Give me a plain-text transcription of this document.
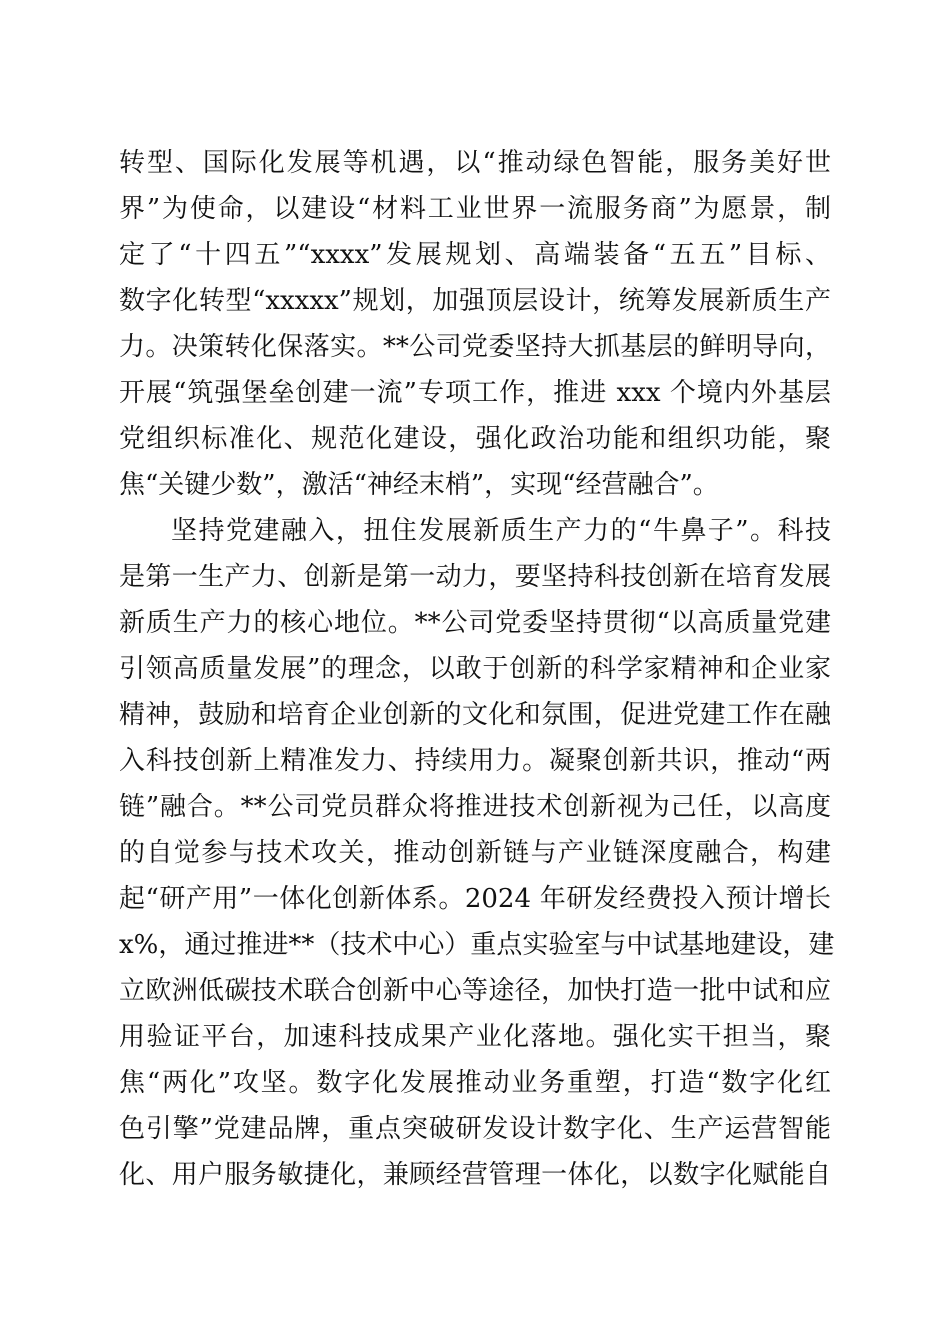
转型、国际化发展等机遇，以“推动绿色智能，服务美好世
界”为使命，以建设“材料工业世界一流服务商”为愿景，制
定了“十四五”“xxxx”发展规划、高端装备“五五”目标、
数字化转型“xxxxx”规划，加强顶层设计，统筹发展新质生产
力。决策转化保落实。**公司党委坚持大抓基层的鲜明导向，
开展“筑强堡垒创建一流”专项工作，推进 xxx 个境内外基层
党组织标准化、规范化建设，强化政治功能和组织功能，聚
焦“关键少数”，激活“神经末梢”，实现“经营融合”。
坚持党建融入，扭住发展新质生产力的“牛鼻子”。科技
是第一生产力、创新是第一动力，要坚持科技创新在培育发展
新质生产力的核心地位。**公司党委坚持贯彻“以高质量党建
引领高质量发展”的理念，以敢于创新的科学家精神和企业家
精神，鼓励和培育企业创新的文化和氛围，促进党建工作在融
入科技创新上精准发力、持续用力。凝聚创新共识，推动“两
链”融合。**公司党员群众将推进技术创新视为己任，以高度
的自觉参与技术攻关，推动创新链与产业链深度融合，构建
起“研产用”一体化创新体系。2024 年研发经费投入预计增长
x%，通过推进**（技术中心）重点实验室与中试基地建设，建
立欧洲低碳技术联合创新中心等途径，加快打造一批中试和应
用验证平台，加速科技成果产业化落地。强化实干担当，聚
焦“两化”攻坚。数字化发展推动业务重塑，打造“数字化红
色引擎”党建品牌，重点突破研发设计数字化、生产运营智能
化、用户服务敏捷化，兼顾经营管理一体化，以数字化赋能自
